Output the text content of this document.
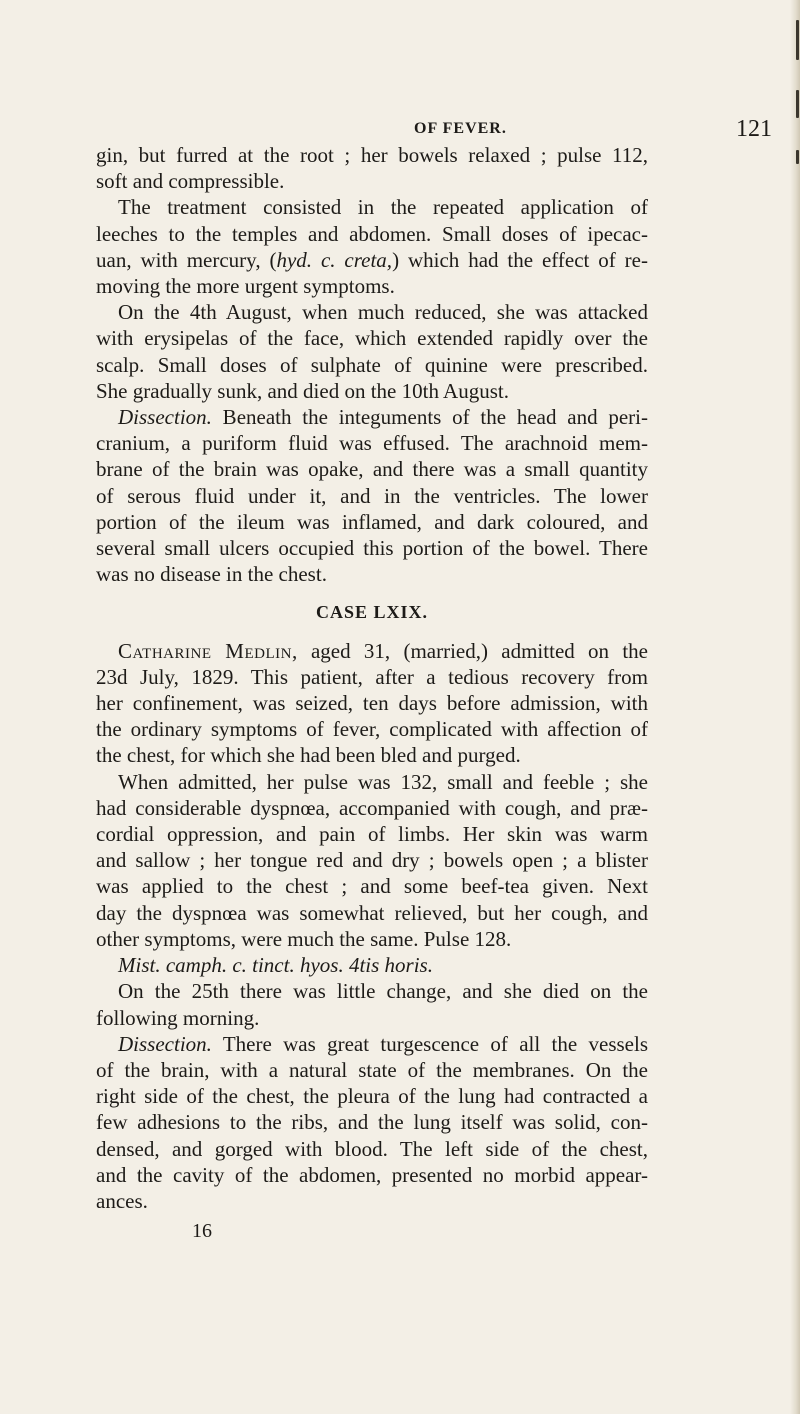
OF FEVER.	121
gin, but furred at the root ; her bowels relaxed ; pulse 112,
soft and compressible.
The treatment consisted in the repeated application of
leeches to the temples and abdomen. Small doses of ipecac-
uan, with mercury, (hyd. c. creta,) which had the effect of re-
moving the more urgent symptoms.
On the 4th August, when much reduced, she was attacked
with erysipelas of the face, which extended rapidly over the
scalp. Small doses of sulphate of quinine were prescribed.
She gradually sunk, and died on the 10th August.
Dissection. Beneath the integuments of the head and peri-
cranium, a puriform fluid was effused. The arachnoid mem-
brane of the brain was opake, and there was a small quantity
of serous fluid under it, and in the ventricles. The lower
portion of the ileum was inflamed, and dark coloured, and
several small ulcers occupied this portion of the bowel. There
was no disease in the chest.
CASE LXIX.
Catharine Medlin, aged 31, (married,) admitted on the
23d July, 1829. This patient, after a tedious recovery from
her confinement, was seized, ten days before admission, with
the ordinary symptoms of fever, complicated with affection of
the chest, for which she had been bled and purged.
When admitted, her pulse was 132, small and feeble ; she
had considerable dyspnœa, accompanied with cough, and præ-
cordial oppression, and pain of limbs. Her skin was warm
and sallow ; her tongue red and dry ; bowels open ; a blister
was applied to the chest ; and some beef-tea given. Next
day the dyspnœa was somewhat relieved, but her cough, and
other symptoms, were much the same. Pulse 128.
Mist. camph. c. tinct. hyos. 4tis horis.
On the 25th there was little change, and she died on the
following morning.
Dissection. There was great turgescence of all the vessels
of the brain, with a natural state of the membranes. On the
right side of the chest, the pleura of the lung had contracted a
few adhesions to the ribs, and the lung itself was solid, con-
densed, and gorged with blood. The left side of the chest,
and the cavity of the abdomen, presented no morbid appear-
ances.
16
